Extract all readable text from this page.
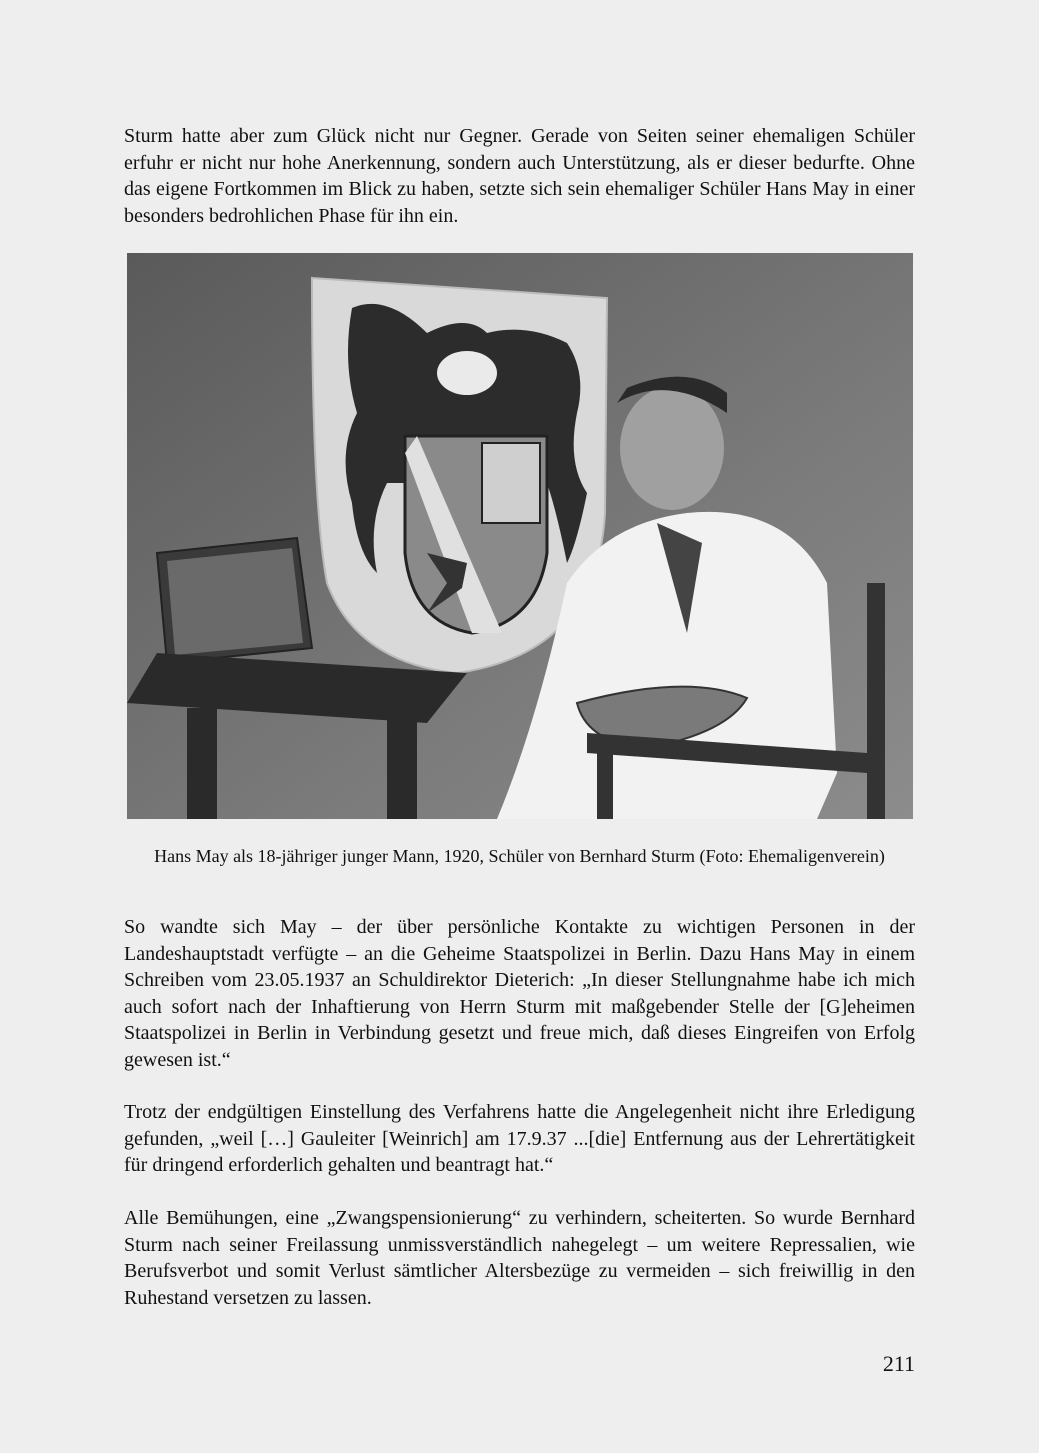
Sturm hatte aber zum Glück nicht nur Gegner. Gerade von Seiten seiner ehemaligen Schüler erfuhr er nicht nur hohe Anerkennung, sondern auch Unterstützung, als er dieser bedurfte. Ohne das eigene Fortkommen im Blick zu haben, setzte sich sein ehemaliger Schüler Hans May in einer besonders bedrohlichen Phase für ihn ein.

Hans May als 18-jähriger junger Mann, 1920, Schüler von Bernhard Sturm (Foto: Ehemaligenverein)

So wandte sich May – der über persönliche Kontakte zu wichtigen Personen in der Landeshauptstadt verfügte – an die Geheime Staatspolizei in Berlin. Dazu Hans May in einem Schreiben vom 23.05.1937 an Schuldirektor Dieterich: „In dieser Stellungnahme habe ich mich auch sofort nach der Inhaftierung von Herrn Sturm mit maßgebender Stelle der [G]eheimen Staatspolizei in Berlin in Verbindung gesetzt und freue mich, daß dieses Eingreifen von Erfolg gewesen ist.“

Trotz der endgültigen Einstellung des Verfahrens hatte die Angelegenheit nicht ihre Erledigung gefunden, „weil […] Gauleiter [Weinrich] am 17.9.37 ...[die] Entfernung aus der Lehrertätigkeit für dringend erforderlich gehalten und beantragt hat.“

Alle Bemühungen, eine „Zwangspensionierung“ zu verhindern, scheiterten. So wurde Bernhard Sturm nach seiner Freilassung unmissverständlich nahegelegt – um weitere Repressalien, wie Berufsverbot und somit Verlust sämtlicher Altersbezüge zu vermeiden – sich freiwillig in den Ruhestand versetzen zu lassen.

211
